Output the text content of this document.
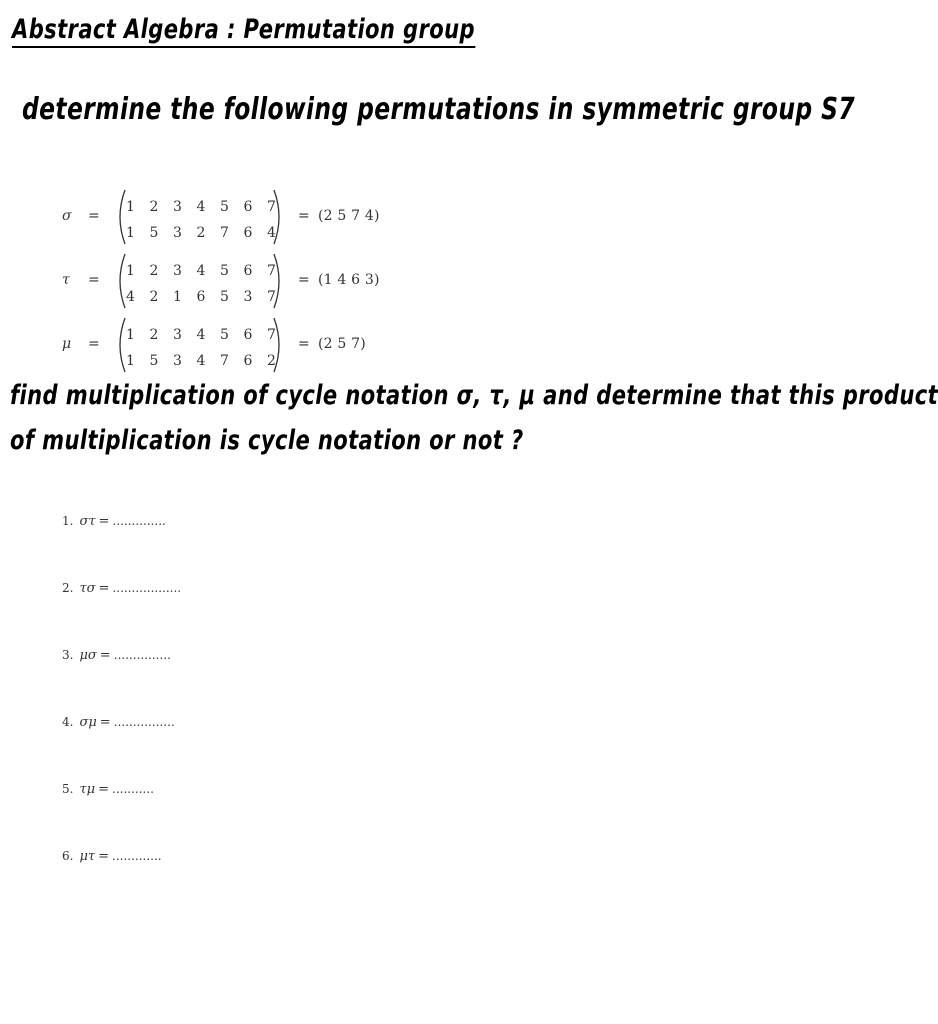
Abstract Algebra : Permutation group
determine the following permutations in symmetric group S7
σ =
1	2	3	4	5	6	7
1	5	3	2	7	6	4
= (2 5 7 4)
τ =
1	2	3	4	5	6	7
4	2	1	6	5	3	7
= (1 4 6 3)
μ =
1	2	3	4	5	6	7
1	5	3	4	7	6	2
= (2 5 7)
find multiplication of cycle notation σ, τ, μ and determine that this product
of multiplication is cycle notation or not ?
1. στ = ..............
2. τσ = ..................
3. μσ = ...............
4. σμ = ................
5. τμ = ...........
6. μτ = .............
